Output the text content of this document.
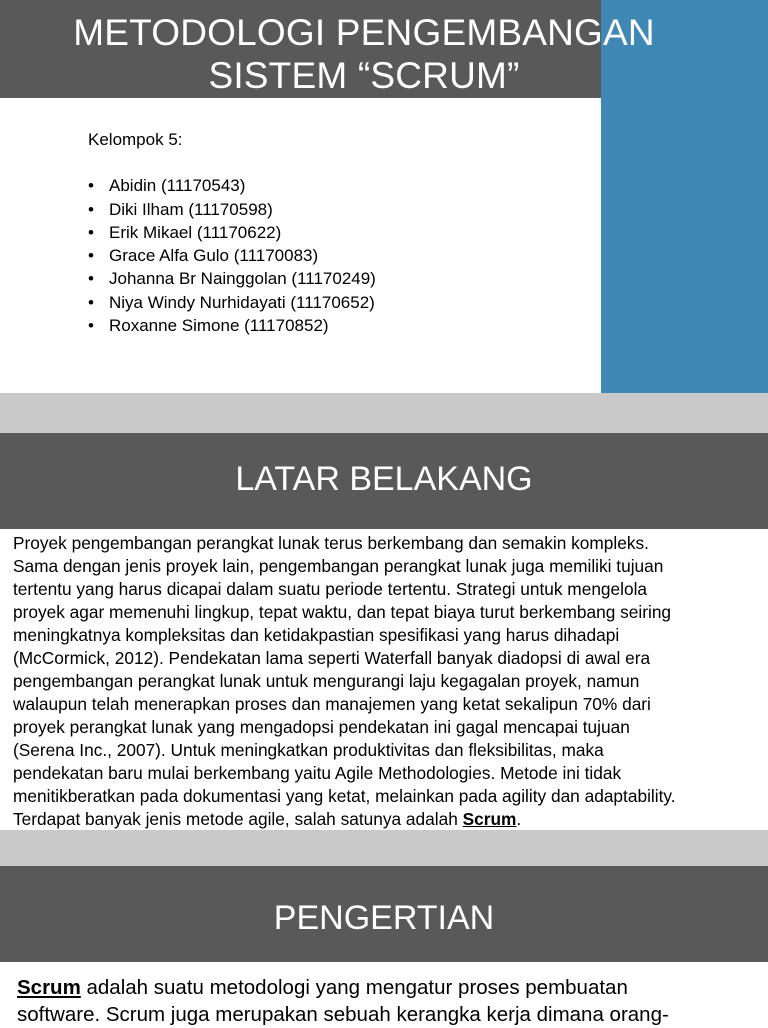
METODOLOGI PENGEMBANGAN
SISTEM “SCRUM”
Kelompok 5:
• Abidin (11170543)
• Diki Ilham (11170598)
• Erik Mikael (11170622)
• Grace Alfa Gulo (11170083)
• Johanna Br Nainggolan (11170249)
• Niya Windy Nurhidayati (11170652)
• Roxanne Simone (11170852)
LATAR BELAKANG
Proyek pengembangan perangkat lunak terus berkembang dan semakin kompleks.
Sama dengan jenis proyek lain, pengembangan perangkat lunak juga memiliki tujuan
tertentu yang harus dicapai dalam suatu periode tertentu. Strategi untuk mengelola
proyek agar memenuhi lingkup, tepat waktu, dan tepat biaya turut berkembang seiring
meningkatnya kompleksitas dan ketidakpastian spesifikasi yang harus dihadapi
(McCormick, 2012). Pendekatan lama seperti Waterfall banyak diadopsi di awal era
pengembangan perangkat lunak untuk mengurangi laju kegagalan proyek, namun
walaupun telah menerapkan proses dan manajemen yang ketat sekalipun 70% dari
proyek perangkat lunak yang mengadopsi pendekatan ini gagal mencapai tujuan
(Serena Inc., 2007). Untuk meningkatkan produktivitas dan fleksibilitas, maka
pendekatan baru mulai berkembang yaitu Agile Methodologies. Metode ini tidak
menitikberatkan pada dokumentasi yang ketat, melainkan pada agility dan adaptability.
Terdapat banyak jenis metode agile, salah satunya adalah Scrum.
PENGERTIAN
Scrum adalah suatu metodologi yang mengatur proses pembuatan
software. Scrum juga merupakan sebuah kerangka kerja dimana orang-
